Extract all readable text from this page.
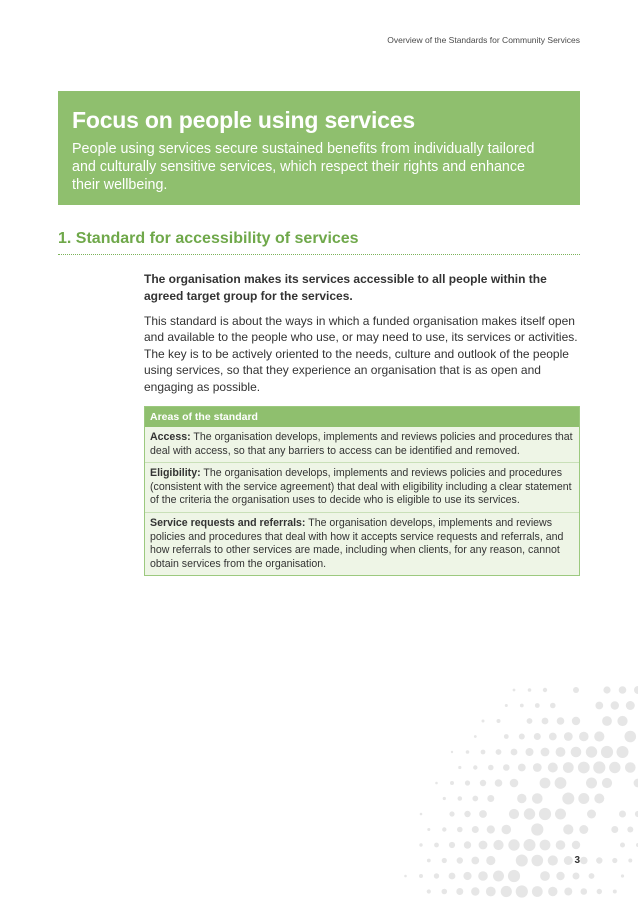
Overview of the Standards for Community Services
Focus on people using services

People using services secure sustained benefits from individually tailored and culturally sensitive services, which respect their rights and enhance their wellbeing.

1. Standard for accessibility of services

The organisation makes its services accessible to all people within the agreed target group for the services.

This standard is about the ways in which a funded organisation makes itself open and available to the people who use, or may need to use, its services or activities. The key is to be actively oriented to the needs, culture and outlook of the people using services, so that they experience an organisation that is as open and engaging as possible.

Areas of the standard

Access: The organisation develops, implements and reviews policies and procedures that deal with access, so that any barriers to access can be identified and removed.

Eligibility: The organisation develops, implements and reviews policies and procedures (consistent with the service agreement) that deal with eligibility including a clear statement of the criteria the organisation uses to decide who is eligible to use its services.

Service requests and referrals: The organisation develops, implements and reviews policies and procedures that deal with how it accepts service requests and referrals, and how referrals to other services are made, including when clients, for any reason, cannot obtain services from the organisation.

3
